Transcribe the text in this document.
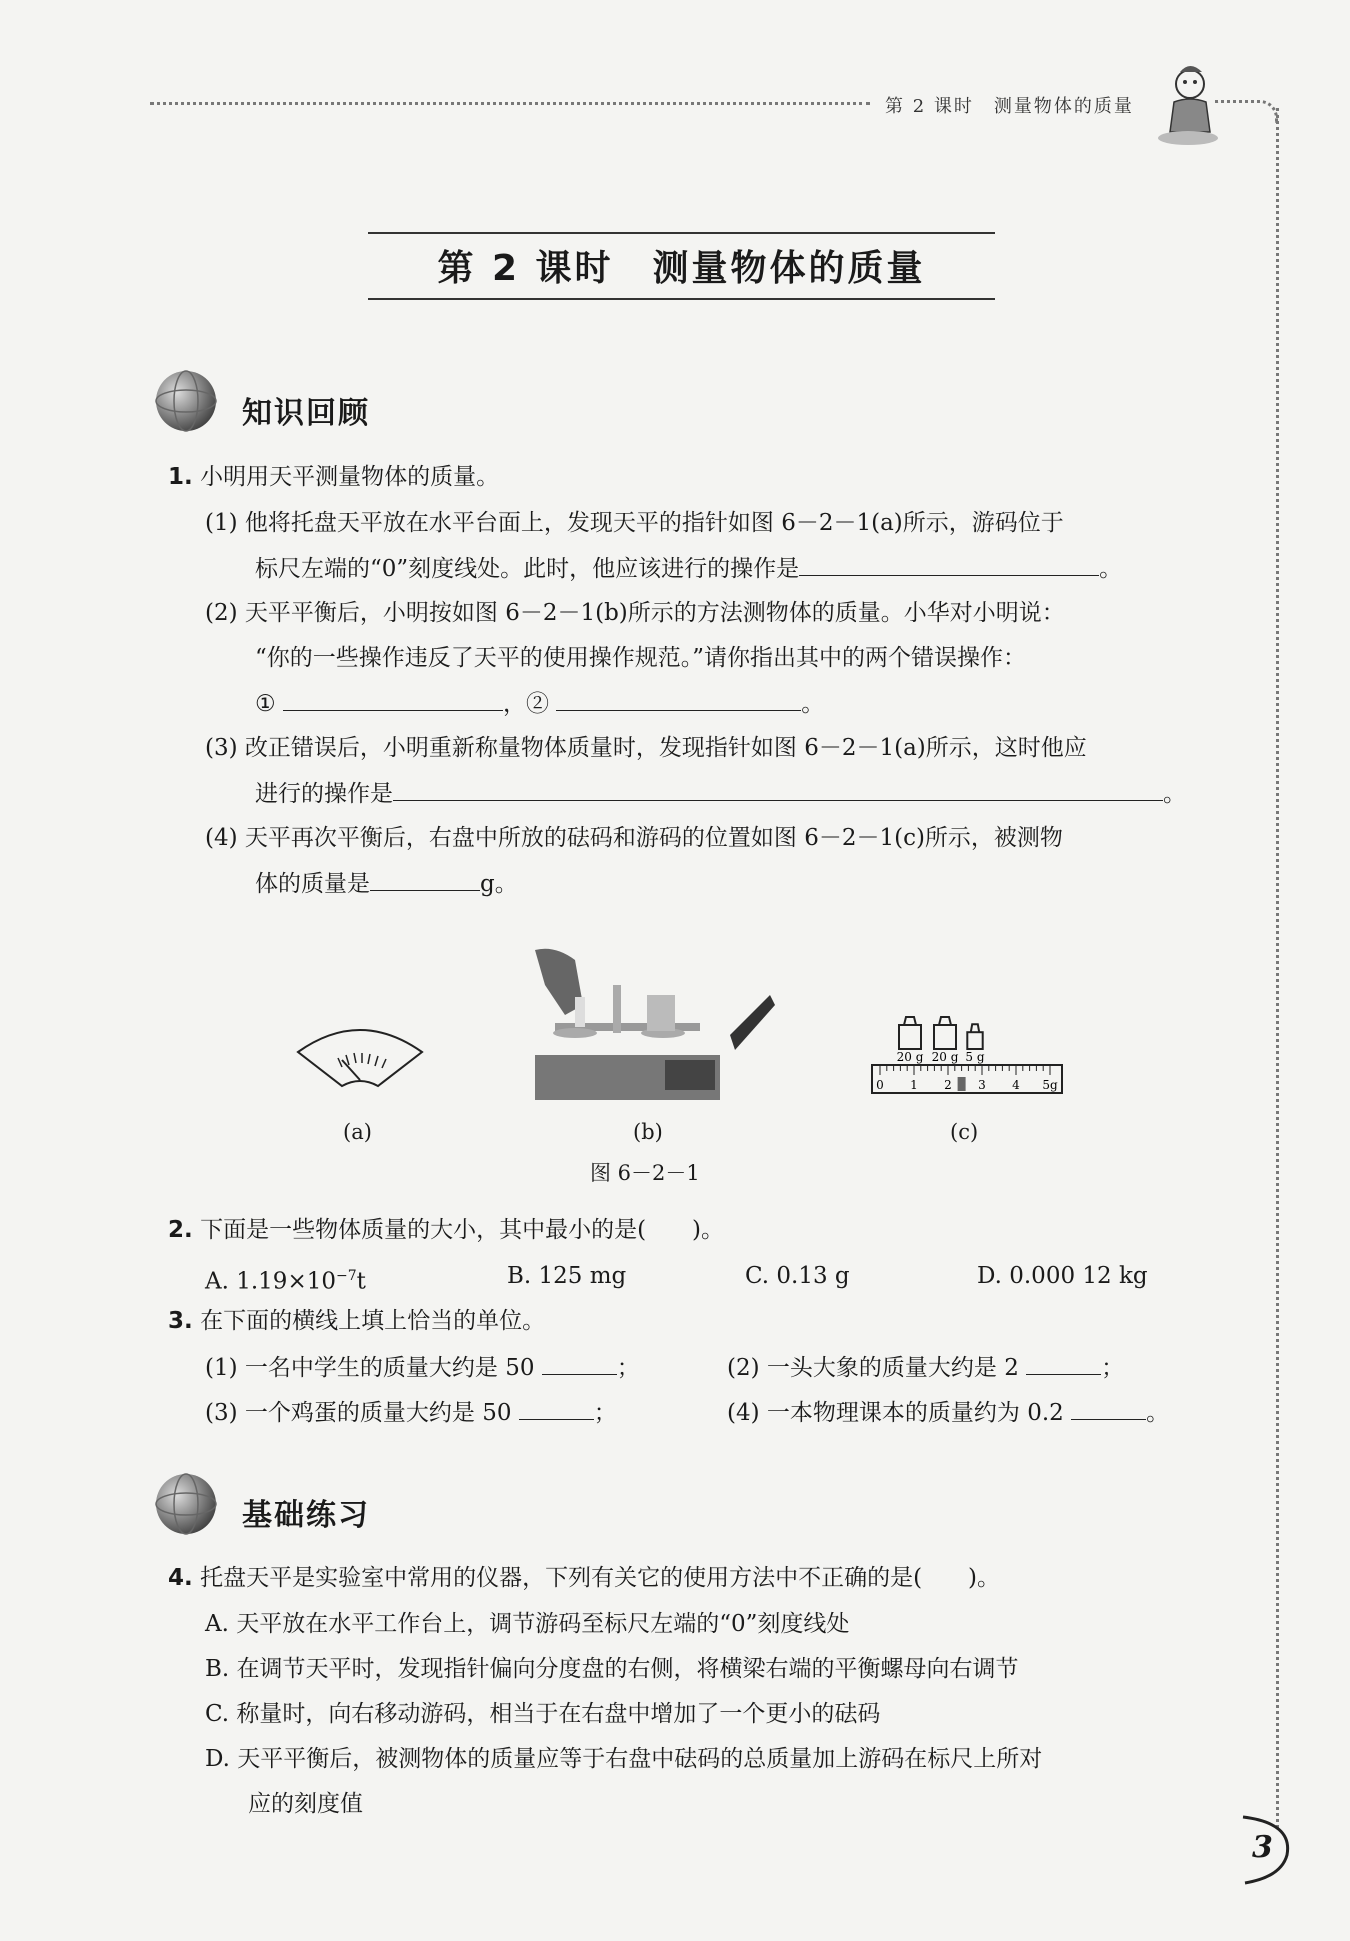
第 2 课时　测量物体的质量
第 2 课时　测量物体的质量
知识回顾
1. 小明用天平测量物体的质量。
(1) 他将托盘天平放在水平台面上，发现天平的指针如图 6－2－1(a)所示，游码位于
标尺左端的“0”刻度线处。此时，他应该进行的操作是	。
(2) 天平平衡后，小明按如图 6－2－1(b)所示的方法测物体的质量。小华对小明说：
“你的一些操作违反了天平的使用操作规范。”请你指出其中的两个错误操作：
①	，②	。
(3) 改正错误后，小明重新称量物体质量时，发现指针如图 6－2－1(a)所示，这时他应
进行的操作是	。
(4) 天平再次平衡后，右盘中所放的砝码和游码的位置如图 6－2－1(c)所示，被测物
体的质量是	g。
(a)	(b)
20 g 20 g 5 g
0 1 2 3 4 5g
(c)
图 6－2－1
2. 下面是一些物体质量的大小，其中最小的是(　　)。
A. $1.19\times 10^{-7}t$	B. 125 mg	C. 0.13 g	D. 0.000 12 kg
3. 在下面的横线上填上恰当的单位。
(1) 一名中学生的质量大约是 50	；	(2) 一头大象的质量大约是 2	；
(3) 一个鸡蛋的质量大约是 50	；	(4) 一本物理课本的质量约为 0.2	。
基础练习
4. 托盘天平是实验室中常用的仪器，下列有关它的使用方法中不正确的是(　　)。
A. 天平放在水平工作台上，调节游码至标尺左端的“0”刻度线处
B. 在调节天平时，发现指针偏向分度盘的右侧，将横梁右端的平衡螺母向右调节
C. 称量时，向右移动游码，相当于在右盘中增加了一个更小的砝码
D. 天平平衡后，被测物体的质量应等于右盘中砝码的总质量加上游码在标尺上所对
应的刻度值
3
